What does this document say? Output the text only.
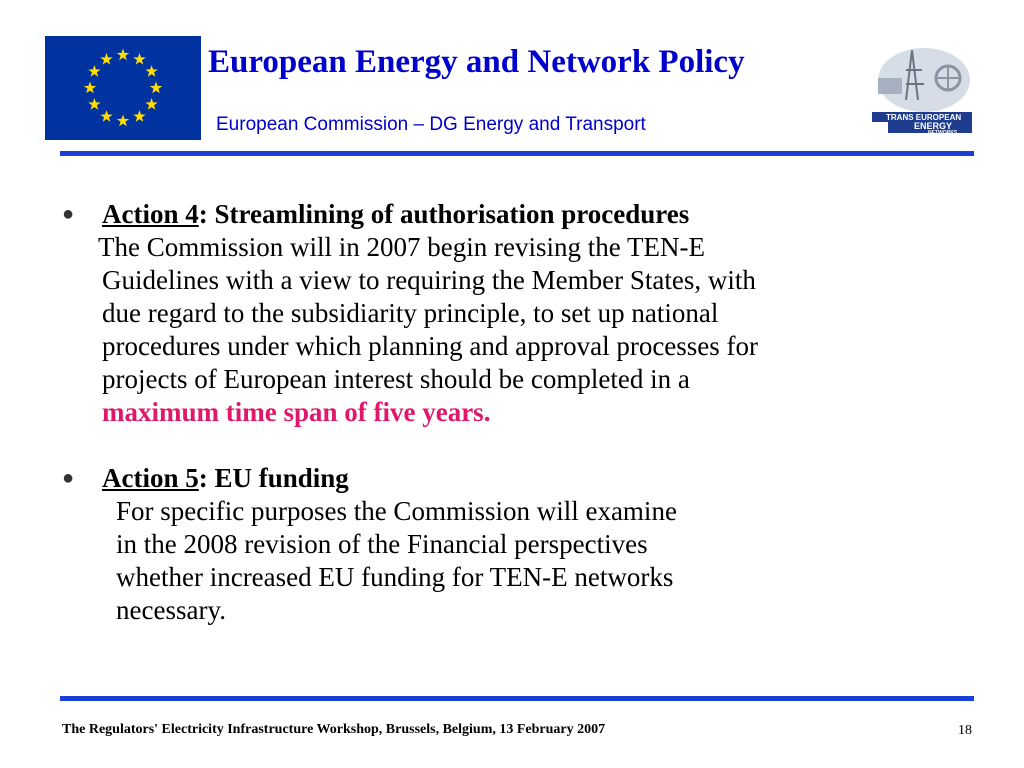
European Energy and Network Policy
European Commission – DG Energy and Transport	TRANS EUROPEAN
ENERGY
NETWORKS
● Action 4: Streamlining of authorisation procedures
The Commission will in 2007 begin revising the TEN-E
Guidelines with a view to requiring the Member States, with
due regard to the subsidiarity principle, to set up national
procedures under which planning and approval processes for
projects of European interest should be completed in a
maximum time span of five years.
● Action 5: EU funding
For specific purposes the Commission will examine
in the 2008 revision of the Financial perspectives
whether increased EU funding for TEN-E networks
necessary.
The Regulators' Electricity Infrastructure Workshop, Brussels, Belgium, 13 February 2007	18
